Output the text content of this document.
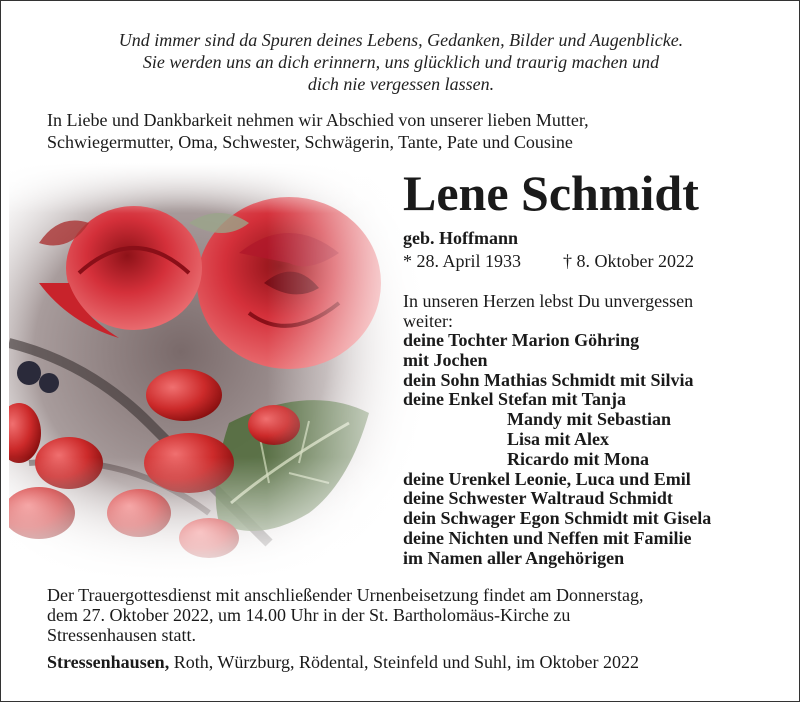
Und immer sind da Spuren deines Lebens, Gedanken, Bilder und Augenblicke.
Sie werden uns an dich erinnern, uns glücklich und traurig machen und
dich nie vergessen lassen.
In Liebe und Dankbarkeit nehmen wir Abschied von unserer lieben Mutter,
Schwiegermutter, Oma, Schwester, Schwägerin, Tante, Pate und Cousine
Lene Schmidt
geb. Hoffmann
* 28. April 1933 † 8. Oktober 2022
In unseren Herzen lebst Du unvergessen
weiter:
deine Tochter Marion Göhring
mit Jochen
dein Sohn Mathias Schmidt mit Silvia
deine Enkel Stefan mit Tanja
Mandy mit Sebastian
Lisa mit Alex
Ricardo mit Mona
deine Urenkel Leonie, Luca und Emil
deine Schwester Waltraud Schmidt
dein Schwager Egon Schmidt mit Gisela
deine Nichten und Neffen mit Familie
im Namen aller Angehörigen
Der Trauergottesdienst mit anschließender Urnenbeisetzung findet am Donnerstag,
dem 27. Oktober 2022, um 14.00 Uhr in der St. Bartholomäus-Kirche zu
Stressenhausen statt.
Stressenhausen, Roth, Würzburg, Rödental, Steinfeld und Suhl, im Oktober 2022
